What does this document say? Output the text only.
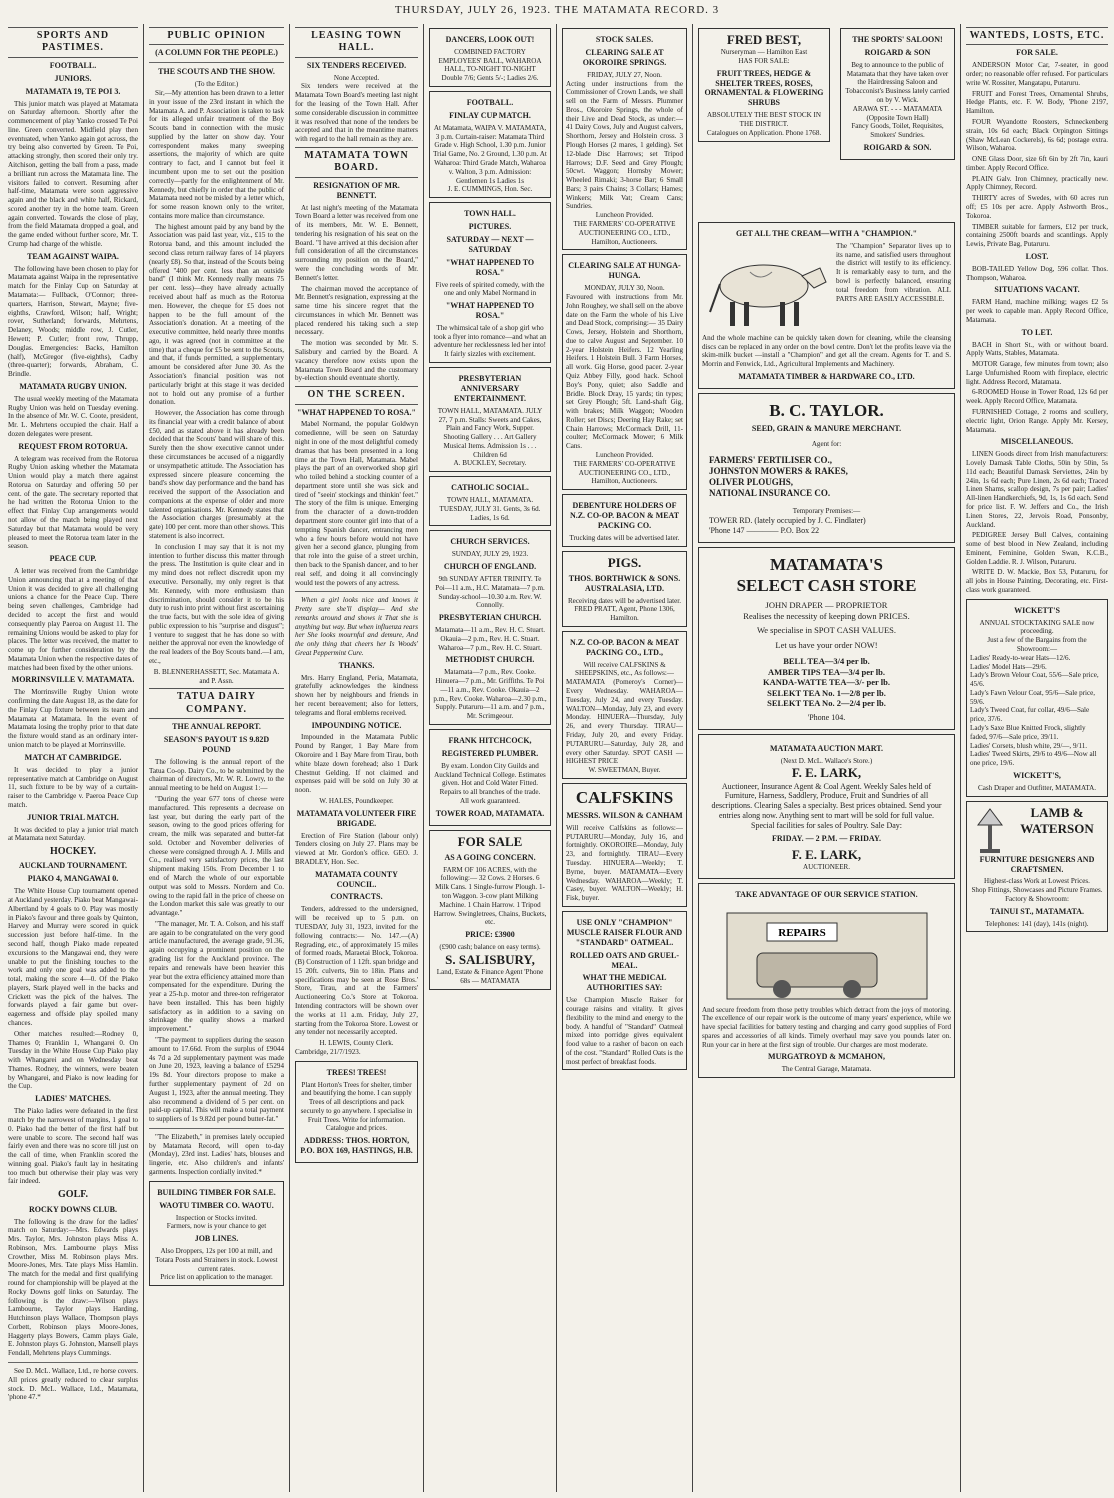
THURSDAY, JULY 26, 1923. THE MATAMATA RECORD. 3
SPORTS AND PASTIMES.
FOOTBALL.
JUNIORS.
MATAMATA 19, TE POI 3.

This junior match was played at Matamata on Saturday afternoon. Shortly after the commencement of play Yanko crossed Te Poi line. Green converted. Midfield play then eventuated, when Yanko again got across, the try being also converted by Green. Te Poi, attacking strongly, then scored their only try. Aitchison, getting the ball from a pass, made a brilliant run across the Matamata line. The visitors failed to convert. Resuming after half-time, Matamata were soon aggressive again and the black and white half, Rickard, scored another try in the home team. Green again converted. Towards the close of play, from the field Matamata dropped a goal, and the game ended without further score, Mr. T. Crump had charge of the whistle.

TEAM AGAINST WAIPA.

The following have been chosen to play for Matamata against Waipa in the representative match for the Finlay Cup on Saturday at Matamata:— Fullback, O'Connor; three-quarters, Harrison, Stewart, Mayne; five-eighths, Crawford, Wilson; half, Wright; rover, Sutherland; forwards, Mehrtens, Delaney, Woods; middle row, J. Cutler, Hewett; P. Cutler; front row, Thrupp, Douglas. Emergencies: Backs, Hamilton (half), McGregor (five-eighths), Cadby (three-quarter); forwards, Abraham, C. Brindle.

MATAMATA RUGBY UNION.

The usual weekly meeting of the Matamata Rugby Union was held on Tuesday evening. In the absence of Mr. W. C. Coote, president, Mr. L. Mehrtens occupied the chair. Half a dozen delegates were present.

REQUEST FROM ROTORUA.

A telegram was received from the Rotorua Rugby Union asking whether the Matamata Union would play a match there against Rotorua on Saturday and offering 50 per cent. of the gate. The secretary reported that he had written the Rotorua Union to the effect that Finlay Cup arrangements would not allow of the match being played next Saturday but that Matamata would be very pleased to meet the Rotorua team later in the season.

PEACE CUP.

A letter was received from the Cambridge Union announcing that at a meeting of that Union it was decided to give all challenging unions a chance for the Peace Cup. There being seven challenges, Cambridge had decided to accept the first and would consequently play Paeroa on August 11. The remaining Unions would be asked to play for places. The letter was received, the matter to come up for further consideration by the Matamata Union when the respective dates of matches had been fixed by the other unions.

MORRINSVILLE V. MATAMATA.

The Morrinsville Rugby Union wrote confirming the date August 18, as the date for the Finlay Cup fixture between its team and Matamata at Matamata. In the event of Matamata losing the trophy prior to that date the fixture would stand as an ordinary inter-union match to be played at Morrinsville.

MATCH AT CAMBRIDGE.

It was decided to play a junior representative match at Cambridge on August 11, such fixture to be by way of a curtain-raiser to the Cambridge v. Paeroa Peace Cup match.

JUNIOR TRIAL MATCH.

It was decided to play a junior trial match at Matamata next Saturday.

HOCKEY.
AUCKLAND TOURNAMENT.
PIAKO 4, MANGAWAI 0.

The White House Cup tournament opened at Auckland yesterday. Piako beat Mangawai-Albertland by 4 goals to 0. Play was mostly in Piako's favour and three goals by Quinton, Harvey and Murray were scored in quick succession just before half-time. In the second half, though Piako made repeated excursions to the Mangawai end, they were unable to put the finishing touches to the work and only one goal was added to the total, making the score 4—0. Of the Piako players, Stark played well in the backs and Crickett was the pick of the halves. The forwards played a fair game but over-eagerness and offside play spoiled many chances.

Other matches resulted:—Rodney 0, Thames 0; Franklin 1, Whangarei 0. On Tuesday in the White House Cup Piako play with Whangarei and on Wednesday beat Thames. Rodney, the winners, were beaten by Whangarei, and Piako is now leading for the Cup.

LADIES' MATCHES.

The Piako ladies were defeated in the first match by the narrowest of margins, 1 goal to 0. Piako had the better of the first half but were unable to score. The second half was fairly even and there was no score till just on the call of time, when Franklin scored the winning goal. Piako's fault lay in hesitating too much but otherwise their play was very fair indeed.

GOLF.
ROCKY DOWNS CLUB.

The following is the draw for the ladies' match on Saturday:—Mrs. Edwards plays Mrs. Taylor, Mrs. Johnston plays Miss A. Robinson, Mrs. Lambourne plays Miss Crowther, Miss M. Robinson plays Mrs. Moore-Jones, Mrs. Tate plays Miss Hamlin. The match for the medal and first qualifying round for championship will be played at the Rocky Downs golf links on Saturday. The following is the draw:—Wilson plays Lambourne, Taylor plays Harding, Hutchinson plays Wallace, Thompson plays Corbett, Robinson plays Moore-Jones, Haggerty plays Bowers, Camm plays Gale, E. Johnston plays G. Johnston, Mansell plays Fendall, Mehrtens plays Cummings.

See D. McL. Wallace, Ltd., re horse covers. All prices greatly reduced to clear surplus stock. D. McL. Wallace, Ltd., Matamata, 'phone 47.*

PUBLIC OPINION
(A COLUMN FOR THE PEOPLE.)
THE SCOUTS AND THE SHOW.
(To the Editor.)

Sir,—My attention has been drawn to a letter in your issue of the 23rd instant in which the Matamata A. and P. Association is taken to task for its alleged unfair treatment of the Boy Scouts band in connection with the music supplied by the latter on show day. Your correspondent makes many sweeping assertions, the majority of which are quite contrary to fact, and I cannot but feel it incumbent upon me to set out the position correctly—partly for the enlightenment of Mr. Kennedy, but chiefly in order that the public of Matamata need not be misled by a letter which, for some reason known only to the writer, contains more malice than circumstance.

The highest amount paid by any band by the Association was paid last year, viz., £15 to the Rotorua band, and this amount included the second class return railway fares of 14 players (nearly £8). So that, instead of the Scouts being offered "400 per cent. less than an outside band" (I think Mr. Kennedy really means 75 per cent. less)—they have already actually received about half as much as the Rotorua men. However, the cheque for £5 does not happen to be the full amount of the Association's donation. At a meeting of the executive committee, held nearly three months ago, it was agreed (not in committee at the time) that a cheque for £5 be sent to the Scouts, and that, if funds permitted, a supplementary amount be considered after June 30. As the Association's financial position was not particularly bright at this stage it was decided not to hold out any promise of a further donation.

However, the Association has come through its financial year with a credit balance of about £50, and as stated above it has already been decided that the Scouts' band will share of this. Surely then the show executive cannot under these circumstances be accused of a niggardly or unsympathetic attitude. The Association has expressed sincere pleasure concerning the band's show day performance and the band has received the support of the Association and companions at the expense of older and more talented organisations. Mr. Kennedy states that the Association charges (presumably at the gate) 100 per cent. more than other shows. This statement is also incorrect.

In conclusion I may say that it is not my intention to further discuss this matter through the press. The Institution is quite clear and in my mind does not reflect discredit upon my executive. Personally, my only regret is that Mr. Kennedy, with more enthusiasm than discrimination, should consider it to be his duty to rush into print without first ascertaining the true facts, but with the sole idea of giving public expression to his "surprise and disgust"; I venture to suggest that he has done so with neither the approval nor even the knowledge of the real leaders of the Boy Scouts band.—I am, etc.,

B. BLENNERHASSETT, Sec. Matamata A. and P. Assn.
TATUA DAIRY COMPANY.
THE ANNUAL REPORT.
SEASON'S PAYOUT 1S 9.82D POUND

The following is the annual report of the Tatua Co-op. Dairy Co., to be submitted by the chairman of directors, Mr. W. R. Lowry, to the annual meeting to be held on August 1:—

"During the year 677 tons of cheese were manufactured. This represents a decrease on last year, but during the early part of the season, owing to the good prices offering for cream, the milk was separated and butter-fat sold. October and November deliveries of cheese were consigned through A. J. Mills and Co., realised very satisfactory prices, the last shipment making 150s. From December 1 to end of March the whole of our exportable output was sold to Messrs. Nordern and Co. owing to the rapid fall in the price of cheese on the London market this sale was greatly to our advantage."

"The manager, Mr. T. A. Colson, and his staff are again to be congratulated on the very good article manufactured, the average grade, 91.36, again occupying a prominent position on the grading list for the Auckland province. The repairs and renewals have been heavier this year but the extra efficiency attained more than compensated for the expenditure. During the year a 25-h.p. motor and three-ton refrigerator have been installed. This has been highly satisfactory as in addition to a saving on shrinkage the quality shows a marked improvement."

"The payment to suppliers during the season amount to 17.66d. From the surplus of £9044 4s 7d a 2d supplementary payment was made on June 20, 1923, leaving a balance of £5294 19s 8d. Your directors propose to make a further supplementary payment of 2d on August 1, 1923, after the annual meeting. They also recommend a dividend of 5 per cent. on paid-up capital. This will make a total payment to suppliers of 1s 9.82d per pound butter-fat."

"The Elizabeth," in premises lately occupied by Matamata Record, will open to-day (Monday), 23rd inst. Ladies' hats, blouses and lingerie, etc. Also children's and infants' garments. Inspection cordially invited.*

BUILDING TIMBER FOR SALE.
WAOTU TIMBER CO. WAOTU.
Inspection or Stocks invited.
Farmers, now is your chance to get
JOB LINES.
Also Droppers, 12s per 100 at mill, and Totara Posts and Strainers in stock. Lowest current rates.
Price list on application to the manager.
LEASING TOWN HALL.
SIX TENDERS RECEIVED.
None Accepted.

Six tenders were received at the Matamata Town Board's meeting last night for the leasing of the Town Hall. After some considerable discussion in committee it was resolved that none of the tenders be accepted and that in the meantime matters with regard to the hall remain as they are.

MATAMATA TOWN BOARD.
RESIGNATION OF MR. BENNETT.

At last night's meeting of the Matamata Town Board a letter was received from one of its members, Mr. W. E. Bennett, tendering his resignation of his seat on the Board. "I have arrived at this decision after full consideration of all the circumstances surrounding my position on the Board," were the concluding words of Mr. Bennett's letter.

The chairman moved the acceptance of Mr. Bennett's resignation, expressing at the same time his sincere regret that the circumstances in which Mr. Bennett was placed rendered his taking such a step necessary.

The motion was seconded by Mr. S. Salisbury and carried by the Board. A vacancy therefore now exists upon the Matamata Town Board and the customary by-election should eventuate shortly.

ON THE SCREEN.
"WHAT HAPPENED TO ROSA."

Mabel Normand, the popular Goldwyn comedienne, will be seen on Saturday night in one of the most delightful comedy dramas that has been presented in a long time at the Town Hall, Matamata. Mabel plays the part of an overworked shop girl who toiled behind a stocking counter of a department store until she was sick and tired of "seein' stockings and thinkin' feet." The story of the film is unique. Emerging from the character of a down-trodden department store counter girl into that of a tempting Spanish dancer, entrancing men who a few hours before would not have given her a second glance, plunging from that role into the guise of a street urchin, then back to the Spanish dancer, and to her real self, and doing it all convincingly would test the powers of any actress.

When a girl looks nice and knows it Pretty sure she'll display— And she remarks around and shows it That she is anything but way. But when influenza rears her She looks mournful and demure, And the only thing that cheers her Is Woods' Great Peppermint Cure.

THANKS.

Mrs. Harry England, Peria, Matamata, gratefully acknowledges the kindness shown her by neighbours and friends in her recent bereavement; also for letters, telegrams and floral emblems received.

IMPOUNDING NOTICE.

Impounded in the Matamata Public Pound by Ranger, 1 Bay Mare from Okoroire and 1 Bay Mare from Tirau, both white blaze down forehead; also 1 Dark Chestnut Gelding. If not claimed and expenses paid will be sold on July 30 at noon.

W. HALES, Poundkeeper.
MATAMATA VOLUNTEER FIRE BRIGADE.

Erection of Fire Station (labour only) Tenders closing on July 27. Plans may be viewed at Mr. Gordon's office. GEO. J. BRADLEY, Hon. Sec.

MATAMATA COUNTY COUNCIL.
CONTRACTS.

Tenders, addressed to the undersigned, will be received up to 5 p.m. on TUESDAY, July 31, 1923, invited for the following contracts:— No. 147.—(A) Regrading, etc., of approximately 15 miles of formed roads, Maraetai Block, Tokoroa. (B) Construction of 1 12ft. span bridge and 15 20ft. culverts, 9in to 18in. Plans and specifications may be seen at Rose Bros.' Store, Tirau, and at the Farmers' Auctioneering Co.'s Store at Tokoroa. Intending contractors will be shown over the works at 11 a.m. Friday, July 27, starting from the Tokoroa Store. Lowest or any tender not necessarily accepted.

H. LEWIS, County Clerk.
Cambridge, 21/7/1923.
TREES! TREES!
Plant Horton's Trees for shelter, timber and beautifying the home. I can supply Trees of all descriptions and pack securely to go anywhere. I specialise in Fruit Trees. Write for information. Catalogue and prices.
ADDRESS: THOS. HORTON, P.O. BOX 169, HASTINGS, H.B.
DANCERS, LOOK OUT!
COMBINED FACTORY EMPLOYEES' BALL, WAHAROA HALL, TO-NIGHT TO-NIGHT
Double 7/6; Gents 5/-; Ladies 2/6.
FOOTBALL.
FINLAY CUP MATCH.
At Matamata, WAIPA V. MATAMATA, 3 p.m. Curtain-raiser: Matamata Third Grade v. High School, 1.30 p.m. Junior Trial Game, No. 2 Ground, 1.30 p.m. At Waharoa: Third Grade Match, Waharoa v. Walton, 3 p.m. Admission: Gentlemen 1s Ladies 1s
J. E. CUMMINGS, Hon. Sec.
TOWN HALL.
PICTURES.
SATURDAY — NEXT — SATURDAY
"WHAT HAPPENED TO ROSA."
Five reels of spirited comedy, with the one and only Mabel Normand in
"WHAT HAPPENED TO ROSA."
The whimsical tale of a shop girl who took a flyer into romance—and what an adventure her recklessness led her into! It fairly sizzles with excitement.
PRESBYTERIAN ANNIVERSARY ENTERTAINMENT.
TOWN HALL, MATAMATA. JULY 27, 7 p.m. Stalls: Sweets and Cakes, Plain and Fancy Work, Supper. Shooting Gallery . . . Art Gallery Musical Items. Admission 1s . . . Children 6d
A. BUCKLEY, Secretary.
CATHOLIC SOCIAL.
TOWN HALL, MATAMATA. TUESDAY, JULY 31. Gents, 3s 6d. Ladies, 1s 6d.
CHURCH SERVICES.
SUNDAY, JULY 29, 1923.
CHURCH OF ENGLAND.
9th SUNDAY AFTER TRINITY. Te Poi—11 a.m., H.C. Matamata—7 p.m. Sunday-school—10.30 a.m. Rev. W. Connolly.
PRESBYTERIAN CHURCH.
Matamata—11 a.m., Rev. H. C. Stuart. Okauia—2 p.m., Rev. H. C. Stuart. Waharoa—7 p.m., Rev. H. C. Stuart.
METHODIST CHURCH.
Matamata—7 p.m., Rev. Cooke. Hinuera—7 p.m., Mr. Griffiths. Te Poi—11 a.m., Rev. Cooke. Okauia—2 p.m., Rev. Cooke. Waharoa—2.30 p.m., Supply. Putaruru—11 a.m. and 7 p.m., Mr. Scrimgeour.
FRANK HITCHCOCK,
REGISTERED PLUMBER.
By exam. London City Guilds and Auckland Technical College. Estimates given. Hot and Cold Water Fitted. Repairs to all branches of the trade.
All work guaranteed.
TOWER ROAD, MATAMATA.
FOR SALE
AS A GOING CONCERN.
FARM OF 106 ACRES, with the following:— 32 Cows. 2 Horses. 6 Milk Cans. 1 Single-furrow Plough. 1-ton Waggon. 3-cow plant Milking Machine. 1 Chain Harrow. 1 Tripod Harrow. Swingletrees, Chains, Buckets, etc.
PRICE: £3900
(£900 cash; balance on easy terms).
S. SALISBURY,
Land, Estate & Finance Agent 'Phone 68s — MATAMATA
STOCK SALES.
CLEARING SALE AT OKOROIRE SPRINGS.
FRIDAY, JULY 27, Noon.
Acting under instructions from the Commissioner of Crown Lands, we shall sell on the Farm of Messrs. Plummer Bros., Okoroire Springs, the whole of their Live and Dead Stock, as under:— 41 Dairy Cows, July and August calvers, Shorthorn, Jersey and Holstein cross. 3 Plough Horses (2 mares, 1 gelding). Set 12-blade Disc Harrows; set Tripod Harrows; D.F. Seed and Grey Plough; 50cwt. Waggon; Hornsby Mower; Wheeled Rimaki; 3-horse Bar; 6 Small Bars; 3 pairs Chains; 3 Collars; Hames; Winkers; Milk Vat; Cream Cans; Sundries.
Luncheon Provided.
THE FARMERS' CO-OPERATIVE AUCTIONEERING CO., LTD., Hamilton, Auctioneers.
CLEARING SALE AT HUNGA-HUNGA.
MONDAY, JULY 30, Noon.
Favoured with instructions from Mr. John Roughey, we shall sell on the above date on the Farm the whole of his Live and Dead Stock, comprising:— 35 Dairy Cows, Jersey, Holstein and Shorthorn, due to calve August and September. 10 2-year Holstein Heifers. 12 Yearling Heifers. 1 Holstein Bull. 3 Farm Horses, all work. Gig Horse, good pacer. 2-year Quiz Abbey Filly, good hack. School Boy's Pony, quiet; also Saddle and Bridle. Block Dray, 15 yards; tin types; set Grey Plough; 5ft. Land-shaft Gig, with brakes; Milk Waggon; Wooden Roller; set Discs; Deering Hay Rake; set Chain Harrows; McCormack Drill, 11-coulter; McCormack Mower; 6 Milk Cans.
Luncheon Provided.
THE FARMERS' CO-OPERATIVE AUCTIONEERING CO., LTD., Hamilton, Auctioneers.
DEBENTURE HOLDERS OF N.Z. CO-OP. BACON & MEAT PACKING CO.
Trucking dates will be advertised later.
PIGS.
THOS. BORTHWICK & SONS. AUSTRALASIA, LTD.
Receiving dates will be advertised later.
FRED PRATT, Agent, Phone 1306, Hamilton.
N.Z. CO-OP. BACON & MEAT PACKING CO., LTD.,
Will receive CALFSKINS & SHEEPSKINS, etc., As follows:—
MATAMATA (Pomeroy's Corner)—Every Wednesday. WAHAROA—Tuesday, July 24, and every Tuesday. WALTON—Monday, July 23, and every Monday. HINUERA—Thursday, July 26, and every Thursday. TIRAU—Friday, July 20, and every Friday. PUTARURU—Saturday, July 28, and every other Saturday. SPOT CASH — HIGHEST PRICE
W. SWEETMAN, Buyer.
CALFSKINS
MESSRS. WILSON & CANHAM
Will receive Calfskins as follows:— PUTARURU—Monday, July 16, and fortnightly. OKOROIRE—Monday, July 23, and fortnightly. TIRAU—Every Tuesday. HINUERA—Weekly; T. Byrne, buyer. MATAMATA—Every Wednesday. WAHAROA—Weekly; T. Casey, buyer. WALTON—Weekly; H. Fisk, buyer.
USE ONLY "CHAMPION" MUSCLE RAISER FLOUR AND "STANDARD" OATMEAL.
ROLLED OATS AND GRUEL-MEAL.
WHAT THE MEDICAL AUTHORITIES SAY:
Use Champion Muscle Raiser for courage raisins and vitality. It gives flexibility to the mind and energy to the body. A handful of "Standard" Oatmeal mixed into porridge gives equivalent food value to a rasher of bacon on each of the cost. "Standard" Rolled Oats is the most perfect of breakfast foods.
FRED BEST,
Nurseryman — Hamilton East
HAS FOR SALE:
FRUIT TREES, HEDGE & SHELTER TREES, ROSES, ORNAMENTAL & FLOWERING SHRUBS
ABSOLUTELY THE BEST STOCK IN THE DISTRICT.
Catalogues on Application. Phone 1768.
THE SPORTS' SALOON!
ROIGARD & SON
Beg to announce to the public of Matamata that they have taken over the Hairdressing Saloon and Tobacconist's Business lately carried on by V. Wick.
ARAWA ST. - - - MATAMATA (Opposite Town Hall)
Fancy Goods, Toilet, Requisites, Smokers' Sundries.
ROIGARD & SON.
GET ALL THE CREAM—WITH A "CHAMPION."
The "Champion" Separator lives up to its name, and satisfied users throughout the district will testify to its efficiency. It is remarkably easy to turn, and the bowl is perfectly balanced, ensuring total freedom from vibration. ALL PARTS ARE EASILY ACCESSIBLE.
And the whole machine can be quickly taken down for cleaning, while the cleansing discs can be replaced in any order on the bowl centre. Don't let the profits leave via the skim-milk bucket —install a "Champion" and get all the cream. Agents for T. and S. Morrin and Fenwick, Ltd., Agricultural Implements and Machinery.
MATAMATA TIMBER & HARDWARE CO., LTD.
B. C. TAYLOR.
SEED, GRAIN & MANURE MERCHANT.
Agent for:
FARMERS' FERTILISER CO.,
JOHNSTON MOWERS & RAKES,
OLIVER PLOUGHS,
NATIONAL INSURANCE CO.
Temporary Premises:—
TOWER RD. (lately occupied by J. C. Findlater)
'Phone 147 ———— P.O. Box 22
MATAMATA'S
SELECT CASH STORE
JOHN DRAPER — PROPRIETOR
Realises the necessity of keeping down PRICES.
We specialise in SPOT CASH VALUES.
Let us have your order NOW!
BELL TEA—3/4 per lb.
AMBER TIPS TEA—3/4 per lb.
KANDA-WATTE TEA—3/- per lb.
SELEKT TEA No. 1—2/8 per lb.
SELEKT TEA No. 2—2/4 per lb.
'Phone 104.
MATAMATA AUCTION MART.
(Next D. McL. Wallace's Store.)
F. E. LARK,
Auctioneer, Insurance Agent & Coal Agent. Weekly Sales held of Furniture, Harness, Saddlery, Produce, Fruit and Sundries of all descriptions. Clearing Sales a specialty. Best prices obtained. Send your entries along now. Anything sent to mart will be sold for full value. Special facilities for sales of Poultry. Sale Day:
FRIDAY. — 2 P.M. — FRIDAY.
F. E. LARK,
AUCTIONEER.
TAKE ADVANTAGE OF OUR SERVICE STATION.
REPAIRS
And secure freedom from those petty troubles which detract from the joys of motoring. The excellence of our repair work is the outcome of many years' experience, while we have special facilities for battery testing and charging and carry good supplies of Ford spares and accessories of all kinds. Timely overhaul may save you pounds later on. Run your car in here at the first sign of trouble. Our charges are most moderate.
MURGATROYD & MCMAHON,
The Central Garage, Matamata.
WANTEDS, LOSTS, ETC.
FOR SALE.

ANDERSON Motor Car, 7-seater, in good order; no reasonable offer refused. For particulars write W. Rossiter, Mangatapu, Putaruru.

FRUIT and Forest Trees, Ornamental Shrubs, Hedge Plants, etc. F. W. Body, 'Phone 2197, Hamilton.

FOUR Wyandotte Roosters, Schneckenberg strain, 10s 6d each; Black Orpington Sittings (Shaw McLean Cockerels), 6s 6d; postage extra. Wilson, Waharoa.

ONE Glass Door, size 6ft 6in by 2ft 7in, kauri timber. Apply Record Office.

PLAIN Galv. Iron Chimney, practically new. Apply Chimney, Record.

THIRTY acres of Swedes, with 60 acres run off; £5 10s per acre. Apply Ashworth Bros., Tokoroa.

TIMBER suitable for farmers, £12 per truck, containing 2500ft boards and scantlings. Apply Lewis, Private Bag, Putaruru.

LOST.

BOB-TAILED Yellow Dog, 596 collar. Thos. Thompson, Waharoa.

SITUATIONS VACANT.

FARM Hand, machine milking; wages £2 5s per week to capable man. Apply Record Office, Matamata.

TO LET.

BACH in Short St., with or without board. Apply Watts, Stables, Matamata.

MOTOR Garage, few minutes from town; also Large Unfurnished Room with fireplace, electric light. Address Record, Matamata.

6-ROOMED House in Tower Road, 12s 6d per week. Apply Record Office, Matamata.

FURNISHED Cottage, 2 rooms and scullery, electric light, Orion Range. Apply Mr. Kersey, Matamata.

MISCELLANEOUS.

LINEN Goods direct from Irish manufacturers: Lovely Damask Table Cloths, 50in by 50in, 5s 11d each; Beautiful Damask Serviettes, 24in by 24in, 1s 6d each; Pure Linen, 2s 6d each; Traced Linen Shams, scallop design, 7s per pair; Ladies' All-linen Handkerchiefs, 9d, 1s, 1s 6d each. Send for price list. F. W. Jeffers and Co., the Irish Linen Stores, 22, Jervois Road, Ponsonby, Auckland.

PEDIGREE Jersey Bull Calves, containing some of best blood in New Zealand, including Eminent, Feminine, Golden Swan, K.C.B., Golden Laddie. R. J. Wilson, Putaruru.

WRITE D. W. Mackie, Box 53, Putaruru, for all jobs in House Painting, Decorating, etc. First-class work guaranteed.

WICKETT'S
ANNUAL STOCKTAKING SALE now proceeding.
Just a few of the Bargains from the Showroom:—
Ladies' Ready-to-wear Hats—12/6.
Ladies' Model Hats—29/6.
Lady's Brown Velour Coat, 55/6—Sale price, 45/6.
Lady's Fawn Velour Coat, 95/6—Sale price, 59/6.
Lady's Tweed Coat, fur collar, 49/6—Sale price, 37/6.
Lady's Saxe Blue Knitted Frock, slightly faded, 97/6—Sale price, 39/11.
Ladies' Corsets, blush white, 29/—, 9/11.
Ladies' Tweed Skirts, 29/6 to 49/6—Now all one price, 19/6.
WICKETT'S,
Cash Draper and Outfitter, MATAMATA.
LAMB &
WATERSON
FURNITURE DESIGNERS AND CRAFTSMEN.
Highest-class Work at Lowest Prices.
Shop Fittings, Showcases and Picture Frames.
Factory & Showroom:
TAINUI ST., MATAMATA.
Telephones: 141 (day), 141s (night).
